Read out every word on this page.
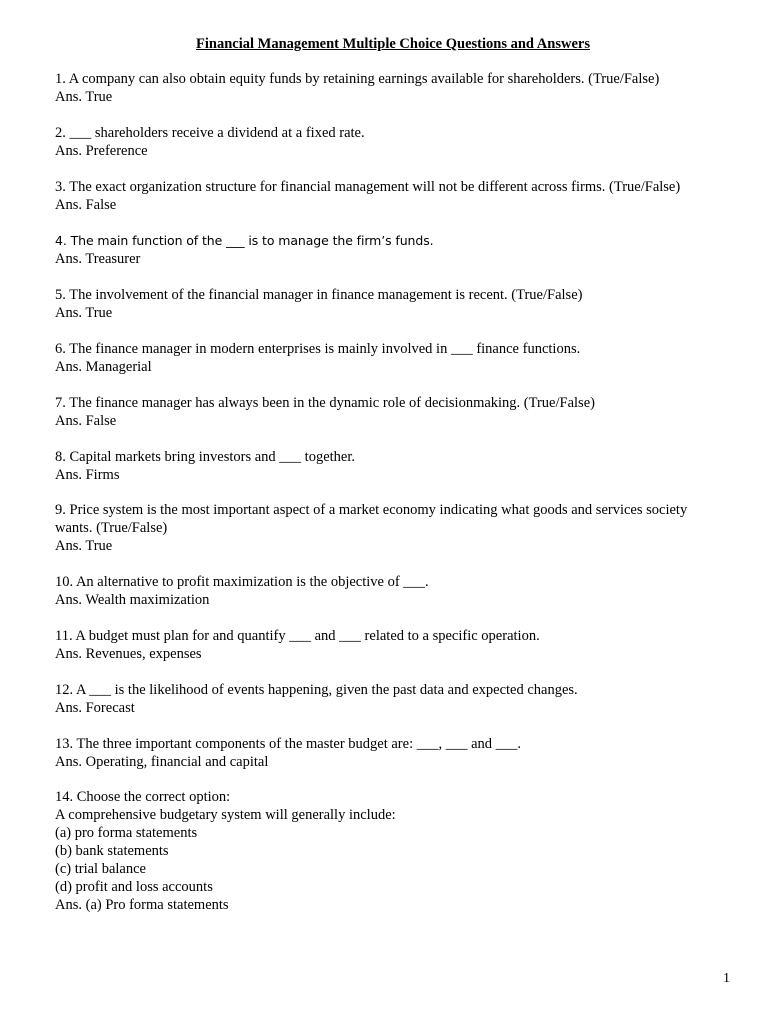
Financial Management Multiple Choice Questions and Answers
1. A company can also obtain equity funds by retaining earnings available for shareholders. (True/False)
Ans. True
2. ___ shareholders receive a dividend at a fixed rate.
Ans. Preference
3. The exact organization structure for financial management will not be different across firms. (True/False)
Ans. False
4. The main function of the ___ is to manage the firm’s funds.
Ans. Treasurer
5. The involvement of the financial manager in finance management is recent. (True/False)
Ans. True
6. The finance manager in modern enterprises is mainly involved in ___ finance functions.
Ans. Managerial
7. The finance manager has always been in the dynamic role of decisionmaking. (True/False)
Ans. False
8. Capital markets bring investors and ___ together.
Ans. Firms
9. Price system is the most important aspect of a market economy indicating what goods and services society wants. (True/False)
Ans. True
10. An alternative to profit maximization is the objective of ___.
Ans. Wealth maximization
11. A budget must plan for and quantify ___ and ___ related to a specific operation.
Ans. Revenues, expenses
12. A ___ is the likelihood of events happening, given the past data and expected changes.
Ans. Forecast
13. The three important components of the master budget are: ___, ___ and ___.
Ans. Operating, financial and capital
14. Choose the correct option:
A comprehensive budgetary system will generally include:
(a) pro forma statements
(b) bank statements
(c) trial balance
(d) profit and loss accounts
Ans. (a) Pro forma statements
1
